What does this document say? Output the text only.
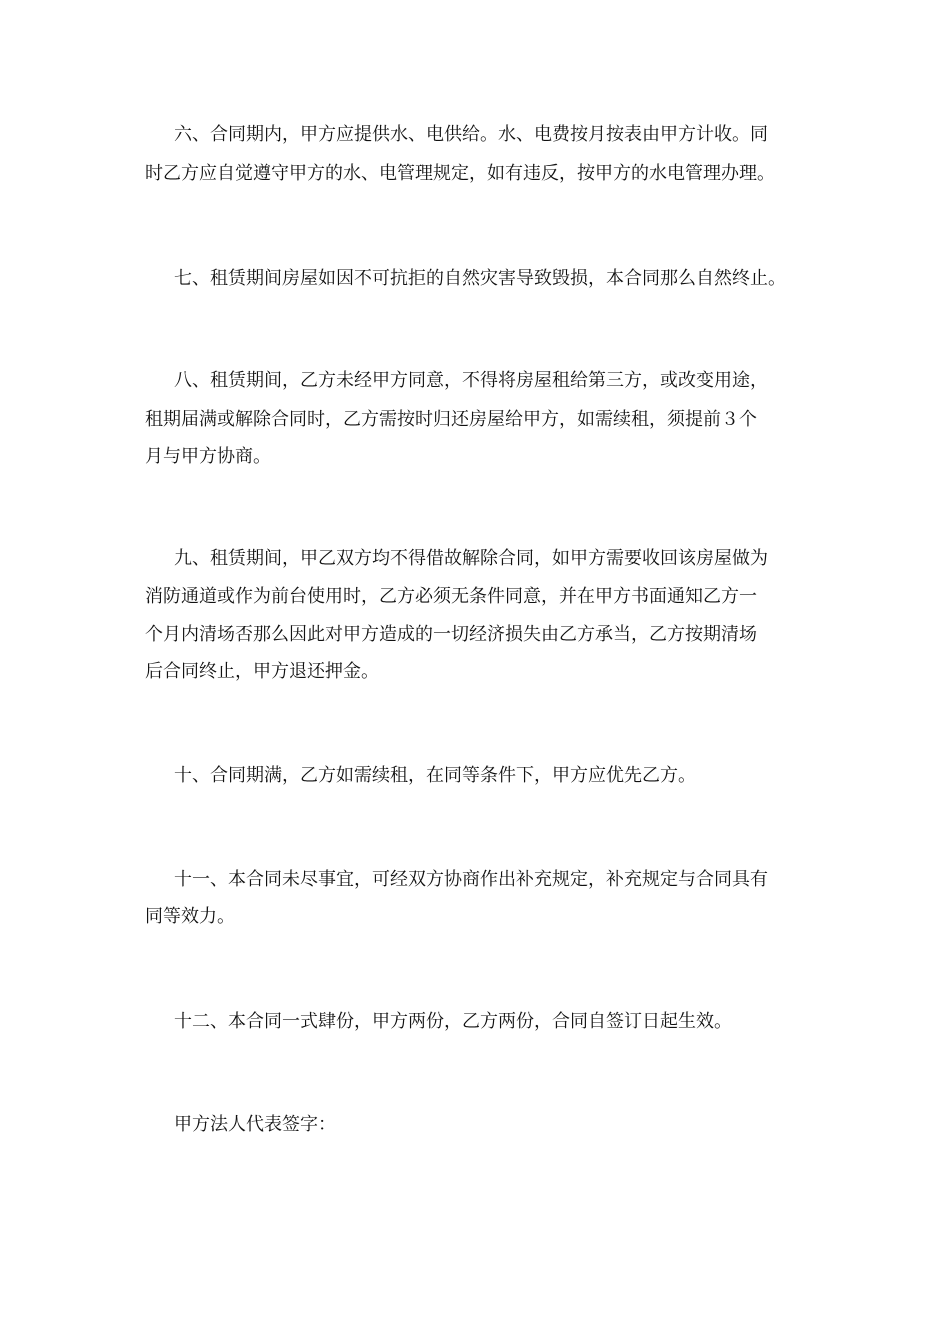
六、合同期内，甲方应提供水、电供给。水、电费按月按表由甲方计收。同

时乙方应自觉遵守甲方的水、电管理规定，如有违反，按甲方的水电管理办理。

七、租赁期间房屋如因不可抗拒的自然灾害导致毁损，本合同那么自然终止。

八、租赁期间，乙方未经甲方同意，不得将房屋租给第三方，或改变用途，

租期届满或解除合同时，乙方需按时归还房屋给甲方，如需续租，须提前３个

月与甲方协商。

九、租赁期间，甲乙双方均不得借故解除合同，如甲方需要收回该房屋做为

消防通道或作为前台使用时，乙方必须无条件同意，并在甲方书面通知乙方一

个月内清场否那么因此对甲方造成的一切经济损失由乙方承当，乙方按期清场

后合同终止，甲方退还押金。

十、合同期满，乙方如需续租，在同等条件下，甲方应优先乙方。

十一、本合同未尽事宜，可经双方协商作出补充规定，补充规定与合同具有

同等效力。

十二、本合同一式肆份，甲方两份，乙方两份，合同自签订日起生效。

甲方法人代表签字：
